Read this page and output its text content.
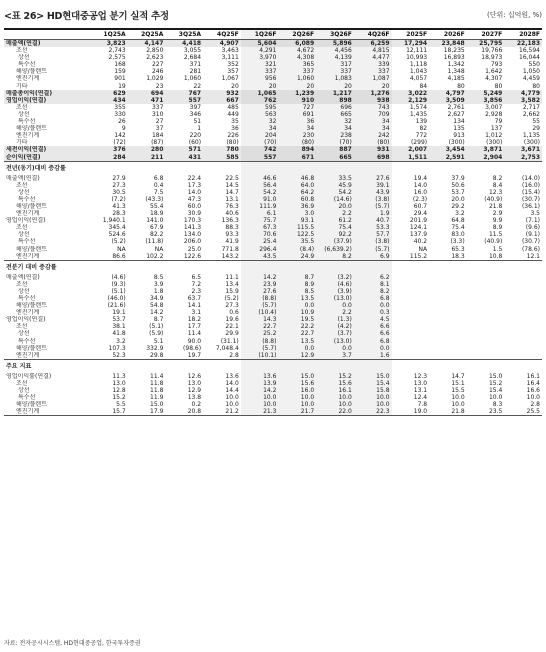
<표 26> HD현대중공업 분기 실적 추정	(단위: 십억원, %)
	1Q25A	2Q25A	3Q25A	4Q25F	1Q26F	2Q26F	3Q26F	4Q26F	2025F	2026F	2027F	2028F
매출액(연결)	3,823	4,147	4,418	4,907	5,604	6,089	5,896	6,259	17,294	23,848	25,795	22,183
조선	2,743	2,850	3,055	3,463	4,291	4,672	4,456	4,815	12,111	18,235	19,766	16,594
상선	2,575	2,623	2,684	3,111	3,970	4,308	4,139	4,477	10,993	16,893	18,973	16,044
특수선	168	227	371	352	321	365	317	339	1,118	1,342	793	550
해양/플랜트	159	246	281	357	337	337	337	337	1,043	1,348	1,642	1,050
엔진기계	901	1,029	1,060	1,067	956	1,060	1,083	1,087	4,057	4,185	4,307	4,459
기타	19	23	22	20	20	20	20	20	84	80	80	80
매출총이익(연결)	629	694	767	932	1,065	1,239	1,217	1,276	3,022	4,797	5,249	4,779
영업이익(연결)	434	471	557	667	762	910	898	938	2,129	3,509	3,856	3,582
조선	355	337	397	485	595	727	696	743	1,574	2,761	3,007	2,717
상선	330	310	346	449	563	691	665	709	1,435	2,627	2,928	2,662
특수선	26	27	51	35	32	36	32	34	139	134	79	55
해양/플랜트	9	37	1	36	34	34	34	34	82	135	137	29
엔진기계	142	184	220	226	204	230	238	242	772	913	1,012	1,135
기타	(72)	(87)	(60)	(80)	(70)	(80)	(70)	(80)	(299)	(300)	(300)	(300)
세전이익(연결)	376	280	571	780	742	894	887	931	2,007	3,454	3,871	3,671
순이익(연결)	284	211	431	585	557	671	665	698	1,511	2,591	2,904	2,753
전년(동기)대비 증감률												
매출액(연결)	27.9	6.8	22.4	22.5	46.6	46.8	33.5	27.6	19.4	37.9	8.2	(14.0)
조선	27.3	0.4	17.3	14.5	56.4	64.0	45.9	39.1	14.0	50.6	8.4	(16.0)
상선	30.5	7.5	14.0	14.7	54.2	64.2	54.2	43.9	16.0	53.7	12.3	(15.4)
특수선	(7.2)	(43.3)	47.3	13.1	91.0	60.8	(14.6)	(3.8)	(2.3)	20.0	(40.9)	(30.7)
해양/플랜트	41.3	55.4	60.0	76.3	111.9	36.9	20.0	(5.7)	60.7	29.2	21.8	(36.1)
엔진기계	28.3	18.9	30.9	40.6	6.1	3.0	2.2	1.9	29.4	3.2	2.9	3.5
영업이익(연결)	1,940.1	141.0	170.3	136.3	75.7	93.1	61.2	40.7	201.9	64.8	9.9	(7.1)
조선	345.4	67.9	141.3	88.3	67.3	115.5	75.4	53.3	124.1	75.4	8.9	(9.6)
상선	524.6	82.2	134.0	93.3	70.6	122.5	92.2	57.7	137.9	83.0	11.5	(9.1)
특수선	(5.2)	(11.8)	206.0	41.9	25.4	35.5	(37.9)	(3.8)	40.2	(3.3)	(40.9)	(30.7)
해양/플랜트	NA	NA	25.0	771.8	296.4	(8.4)	(6,639.2)	(5.7)	NA	65.3	1.5	(78.6)
엔진기계	86.6	102.2	122.6	143.2	43.5	24.9	8.2	6.9	115.2	18.3	10.8	12.1
전분기 대비 증감률												
매출액(연결)	(4.6)	8.5	6.5	11.1	14.2	8.7	(3.2)	6.2				
조선	(9.3)	3.9	7.2	13.4	23.9	8.9	(4.6)	8.1				
상선	(5.1)	1.8	2.3	15.9	27.6	8.5	(3.9)	8.2				
특수선	(46.0)	34.9	63.7	(5.2)	(8.8)	13.5	(13.0)	6.8				
해양/플랜트	(21.6)	54.8	14.1	27.3	(5.7)	0.0	0.0	0.0				
엔진기계	19.1	14.2	3.1	0.6	(10.4)	10.9	2.2	0.3				
영업이익(연결)	53.7	8.7	18.2	19.6	14.3	19.5	(1.3)	4.5				
조선	38.1	(5.1)	17.7	22.1	22.7	22.2	(4.2)	6.6				
상선	41.8	(5.9)	11.4	29.9	25.2	22.7	(3.7)	6.6				
특수선	3.2	5.1	90.0	(31.1)	(8.8)	13.5	(13.0)	6.8				
해양/플랜트	107.3	332.9	(98.6)	7,048.4	(5.7)	0.0	0.0	0.0				
엔진기계	52.3	29.8	19.7	2.8	(10.1)	12.9	3.7	1.6				
주요 지표												
영업이익률(연결)	11.3	11.4	12.6	13.6	13.6	15.0	15.2	15.0	12.3	14.7	15.0	16.1
조선	13.0	11.8	13.0	14.0	13.9	15.6	15.6	15.4	13.0	15.1	15.2	16.4
상선	12.8	11.8	12.9	14.4	14.2	16.0	16.1	15.8	13.1	15.5	15.4	16.6
특수선	15.2	11.9	13.8	10.0	10.0	10.0	10.0	10.0	12.4	10.0	10.0	10.0
해양/플랜트	5.5	15.0	0.2	10.0	10.0	10.0	10.0	10.0	7.8	10.0	8.3	2.8
엔진기계	15.7	17.9	20.8	21.2	21.3	21.7	22.0	22.3	19.0	21.8	23.5	25.5
자료: 전자공시시스템, HD현대중공업, 한국투자증권
